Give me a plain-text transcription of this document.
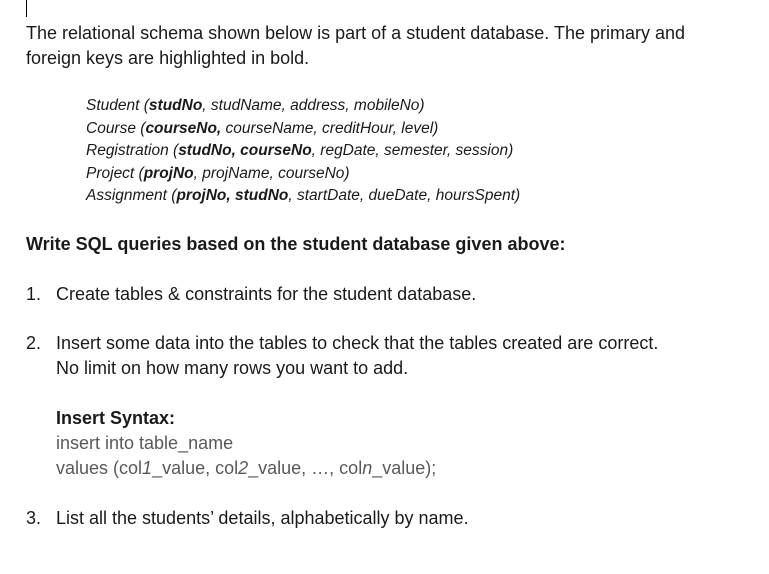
The relational schema shown below is part of a student database. The primary and
foreign keys are highlighted in bold.
Student (studNo, studName, address, mobileNo)
Course (courseNo, courseName, creditHour, level)
Registration (studNo, courseNo, regDate, semester, session)
Project (projNo, projName, courseNo)
Assignment (projNo, studNo, startDate, dueDate, hoursSpent)
Write SQL queries based on the student database given above:
1. Create tables & constraints for the student database.
2. Insert some data into the tables to check that the tables created are correct.
No limit on how many rows you want to add.
Insert Syntax:
insert into table_name
values (col1_value, col2_value, …, coln_value);
3. List all the students’ details, alphabetically by name.
